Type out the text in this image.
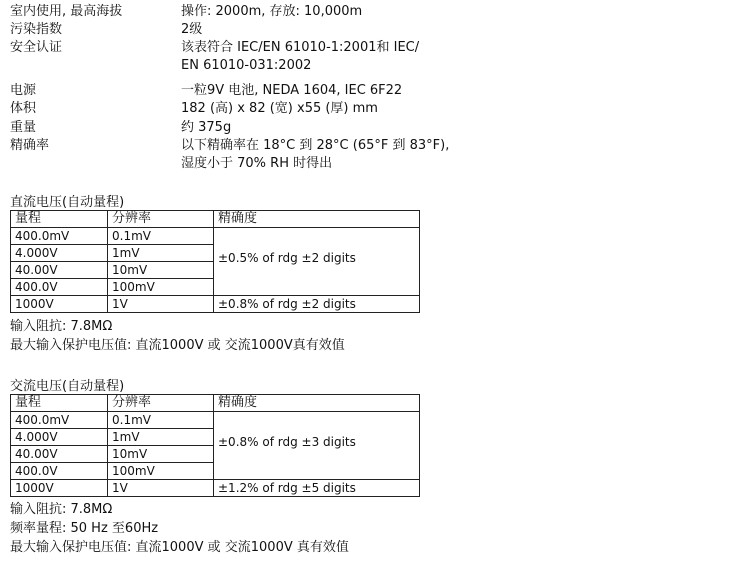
室内使用, 最高海拔	操作: 2000m, 存放: 10,000m
污染指数	2级
安全认证	该表符合 IEC/EN 61010-1:2001和 IEC/
EN 61010-031:2002
电源	一粒9V 电池, NEDA 1604, IEC 6F22
体积	182 (高) x 82 (宽) x55 (厚) mm
重量	约 375g
精确率	以下精确率在 18°C 到 28°C (65°F 到 83°F),
湿度小于 70% RH 时得出
直流电压(自动量程)
量程	分辨率	精确度
400.0mV	0.1mV	±0.5% of rdg ±2 digits
4.000V	1mV	
40.00V	10mV	
400.0V	100mV	
1000V	1V	±0.8% of rdg ±2 digits
输入阻抗: 7.8MΩ
最大输入保护电压值: 直流1000V 或 交流1000V真有效值
交流电压(自动量程)
量程	分辨率	精确度
400.0mV	0.1mV	±0.8% of rdg ±3 digits
4.000V	1mV	
40.00V	10mV	
400.0V	100mV	
1000V	1V	±1.2% of rdg ±5 digits
输入阻抗: 7.8MΩ
频率量程: 50 Hz 至60Hz
最大输入保护电压值: 直流1000V 或 交流1000V 真有效值
